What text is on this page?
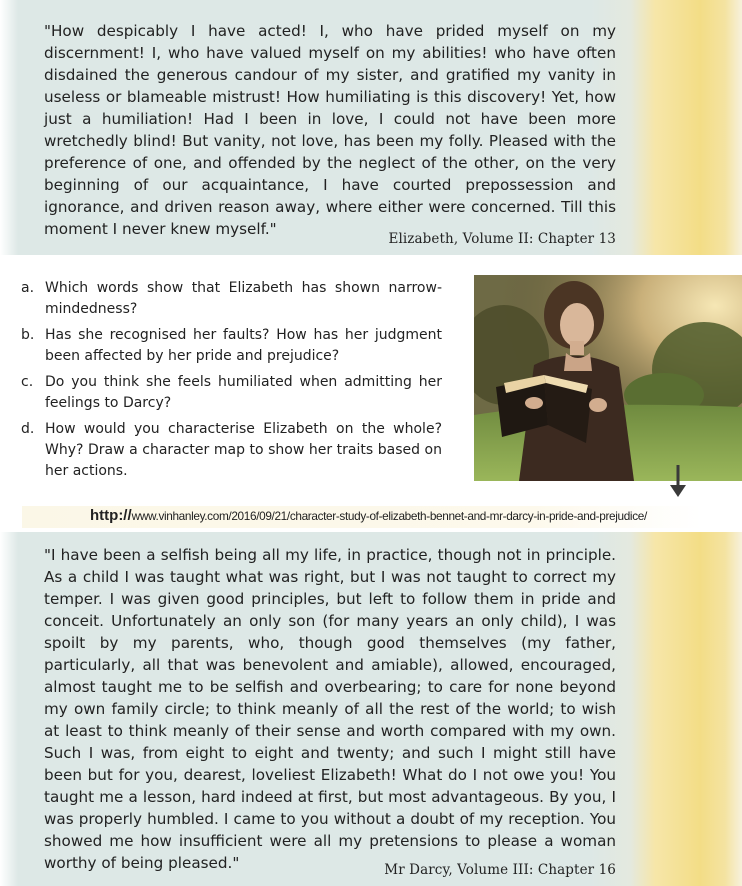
"How despicably I have acted! I, who have prided myself on my discernment! I, who have valued myself on my abilities! who have often disdained the generous candour of my sister, and gratified my vanity in useless or blameable mistrust! How humiliating is this discovery! Yet, how just a humiliation! Had I been in love, I could not have been more wretchedly blind! But vanity, not love, has been my folly. Pleased with the preference of one, and offended by the neglect of the other, on the very beginning of our acquaintance, I have courted prepossession and ignorance, and driven reason away, where either were concerned. Till this moment I never knew myself."

Elizabeth, Volume II: Chapter 13
a. Which words show that Elizabeth has shown narrow-mindedness?
b. Has she recognised her faults? How has her judgment been affected by her pride and prejudice?
c. Do you think she feels humiliated when admitting her feelings to Darcy?
d. How would you characterise Elizabeth on the whole? Why? Draw a character map to show her traits based on her actions.
http://www.vinhanley.com/2016/09/21/character-study-of-elizabeth-bennet-and-mr-darcy-in-pride-and-prejudice/

"I have been a selfish being all my life, in practice, though not in principle. As a child I was taught what was right, but I was not taught to correct my temper. I was given good principles, but left to follow them in pride and conceit. Unfortunately an only son (for many years an only child), I was spoilt by my parents, who, though good themselves (my father, particularly, all that was benevolent and amiable), allowed, encouraged, almost taught me to be selfish and overbearing; to care for none beyond my own family circle; to think meanly of all the rest of the world; to wish at least to think meanly of their sense and worth compared with my own. Such I was, from eight to eight and twenty; and such I might still have been but for you, dearest, loveliest Elizabeth! What do I not owe you! You taught me a lesson, hard indeed at first, but most advantageous. By you, I was properly humbled. I came to you without a doubt of my reception. You showed me how insufficient were all my pretensions to please a woman worthy of being pleased."	Mr Darcy, Volume III: Chapter 16
